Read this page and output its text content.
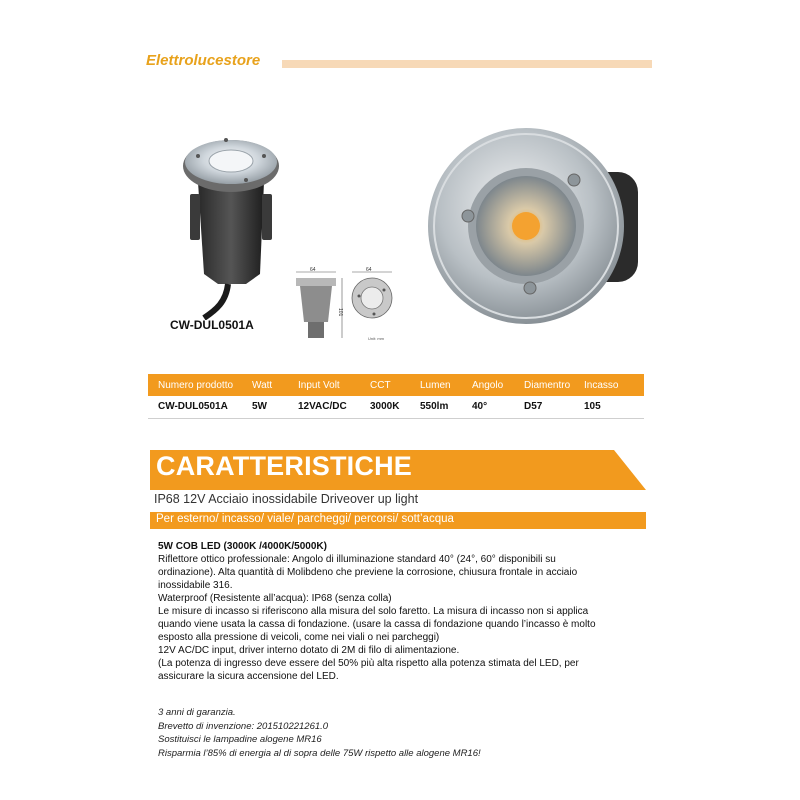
Elettrolucestore
64
101
64
Unit: mm
CW-DUL0501A
Numero prodotto	Watt	Input Volt	CCT	Lumen	Angolo	Diamentro	Incasso
CW-DUL0501A	5W	12VAC/DC	3000K	550lm	40°	D57	105
CARATTERISTICHE
IP68 12V Acciaio inossidabile Driveover up light
Per esterno/ incasso/ viale/ parcheggi/ percorsi/ sott’acqua

5W COB LED (3000K /4000K/5000K)

Riflettore ottico professionale: Angolo di illuminazione standard 40° (24°, 60° disponibili su

ordinazione). Alta quantità di Molibdeno che previene la corrosione, chiusura frontale in acciaio

inossidabile 316.

Waterproof (Resistente all’acqua): IP68 (senza colla)

Le misure di incasso si riferiscono alla misura del solo faretto. La misura di incasso non si applica

quando viene usata la cassa di fondazione. (usare la cassa di fondazione quando l’incasso è molto

esposto alla pressione di veicoli, come nei viali o nei parcheggi)

12V AC/DC input, driver interno dotato di 2M di filo di alimentazione.

(La potenza di ingresso deve essere del 50% più alta rispetto alla potenza stimata del LED, per

assicurare la sicura accensione del LED.

3 anni di garanzia.

Brevetto di invenzione: 201510221261.0

Sostituisci le lampadine alogene MR16

Risparmia l’85% di energia al di sopra delle 75W rispetto alle alogene MR16!
